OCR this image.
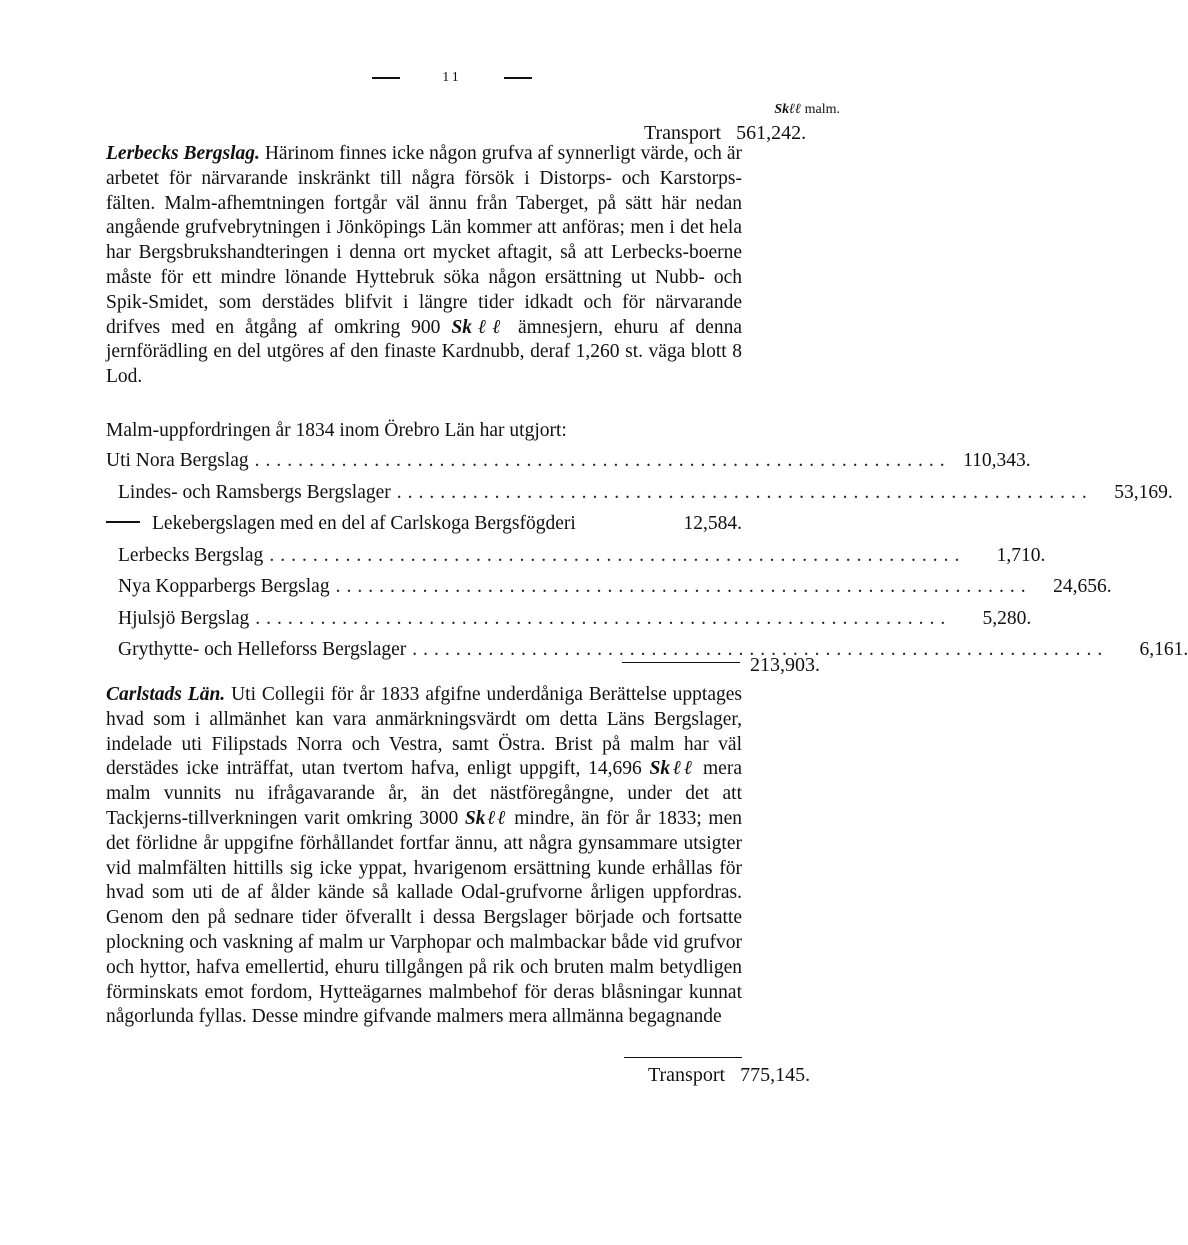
11
Skℓℓ malm.
Transport 561,242.

Lerbecks Bergslag. Härinom finnes icke någon grufva af synnerligt värde, och är arbetet för närvarande inskränkt till några försök i Distorps- och Karstorps-fälten. Malm-afhemtningen fortgår väl ännu från Taberget, på sätt här nedan angående grufvebrytningen i Jönköpings Län kommer att anföras; men i det hela har Bergsbrukshandteringen i denna ort mycket aftagit, så att Lerbecks-boerne måste för ett mindre lönande Hyttebruk söka någon ersättning ut Nubb- och Spik-Smidet, som derstädes blifvit i längre tider idkadt och för närvarande drifves med en åtgång af omkring 900 Skℓℓ ämnesjern, ehuru af denna jernförädling en del utgöres af den finaste Kardnubb, deraf 1,260 st. väga blott 8 Lod.

Malm-uppfordringen år 1834 inom Örebro Län har utgjort:
Uti Nora Bergslag ................................................................ 110,343.
Lindes- och Ramsbergs Bergslager ................................................................	53,169.
Lekebergslagen med en del af Carlskoga Bergsfögderi	12,584.
Lerbecks Bergslag ................................................................	1,710.
Nya Kopparbergs Bergslag ................................................................	24,656.
Hjulsjö Bergslag ................................................................	5,280.
Grythytte- och Helleforss Bergslager ................................................................	6,161.
213,903.

Carlstads Län. Uti Collegii för år 1833 afgifne underdåniga Berättelse upptages hvad som i allmänhet kan vara anmärkningsvärdt om detta Läns Bergslager, indelade uti Filipstads Norra och Vestra, samt Östra. Brist på malm har väl derstädes icke inträffat, utan tvertom hafva, enligt uppgift, 14,696 Skℓℓ mera malm vunnits nu ifrågavarande år, än det nästföregångne, under det att Tackjerns-tillverkningen varit omkring 3000 Skℓℓ mindre, än för år 1833; men det förlidne år uppgifne förhållandet fortfar ännu, att några gynsammare utsigter vid malmfälten hittills sig icke yppat, hvarigenom ersättning kunde erhållas för hvad som uti de af ålder kände så kallade Odal-grufvorne årligen uppfordras. Genom den på sednare tider öfverallt i dessa Bergslager började och fortsatte plockning och vaskning af malm ur Varphopar och malmbackar både vid grufvor och hyttor, hafva emellertid, ehuru tillgången på rik och bruten malm betydligen förminskats emot fordom, Hytteägarnes malmbehof för deras blåsningar kunnat någorlunda fyllas. Desse mindre gifvande malmers mera allmänna begagnande

Transport 775,145.
